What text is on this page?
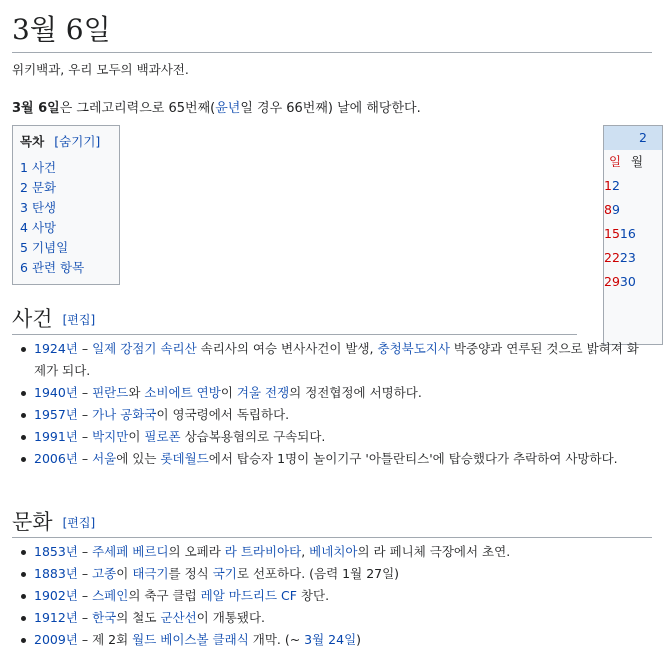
3월 6일
위키백과, 우리 모두의 백과사전.
3월 6일은 그레고리력으로 65번째(윤년일 경우 66번째) 날에 해당한다.
목차 [숨기기]
1 사건
2 문화
3 탄생
4 사망
5 기념일
6 관련 항목
2
일 월
12
89
1516
2223
2930
사건 [편집]
1924년 – 일제 강점기 속리산 속리사의 여승 변사사건이 발생, 충청북도지사 박중양과 연루된 것으로 밝혀져 화제가 되다.
1940년 – 핀란드와 소비에트 연방이 겨울 전쟁의 정전협정에 서명하다.
1957년 – 가나 공화국이 영국령에서 독립하다.
1991년 – 박지만이 필로폰 상습복용혐의로 구속되다.
2006년 – 서울에 있는 롯데월드에서 탑승자 1명이 놀이기구 '아틀란티스'에 탑승했다가 추락하여 사망하다.
문화 [편집]
1853년 – 주세페 베르디의 오페라 라 트라비아타, 베네치아의 라 페니체 극장에서 초연.
1883년 – 고종이 태극기를 정식 국기로 선포하다. (음력 1월 27일)
1902년 – 스페인의 축구 클럽 레알 마드리드 CF 창단.
1912년 – 한국의 철도 군산선이 개통됐다.
2009년 – 제 2회 월드 베이스볼 클래식 개막. (~ 3월 24일)
